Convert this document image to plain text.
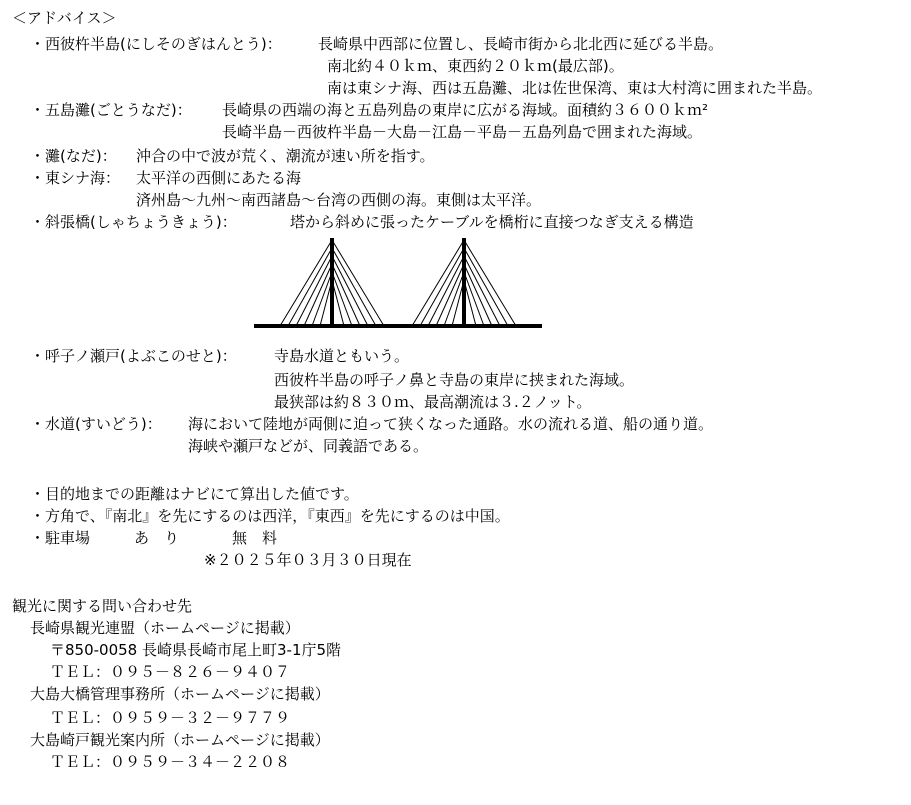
＜アドバイス＞
・西彼杵半島(にしそのぎはんとう)： 長崎県中西部に位置し、長崎市街から北北西に延びる半島。
南北約４０ｋｍ、東西約２０ｋｍ(最広部)。
南は東シナ海、西は五島灘、北は佐世保湾、東は大村湾に囲まれた半島。
・五島灘(ごとうなだ)： 長崎県の西端の海と五島列島の東岸に広がる海域。面積約３６００ｋｍ²
長崎半島－西彼杵半島－大島－江島－平島－五島列島で囲まれた海域。
・灘(なだ)： 沖合の中で波が荒く、潮流が速い所を指す。
・東シナ海： 太平洋の西側にあたる海
済州島～九州～南西諸島～台湾の西側の海。東側は太平洋。
・斜張橋(しゃちょうきょう)：	塔から斜めに張ったケーブルを橋桁に直接つなぎ支える構造
・呼子ノ瀬戸(よぶこのせと)： 寺島水道ともいう。
西彼杵半島の呼子ノ鼻と寺島の東岸に挟まれた海域。
最狭部は約８３０ｍ、最高潮流は３.２ノット。
・水道(すいどう)： 海において陸地が両側に迫って狭くなった通路。水の流れる道、船の通り道。
海峡や瀬戸などが、同義語である。
・目的地までの距離はナビにて算出した値です。
・方角で、『南北』を先にするのは西洋，『東西』を先にするのは中国。
・駐車場	あ　り	無　料
※２０２５年０３月３０日現在
観光に関する問い合わせ先
長崎県観光連盟（ホームページに掲載）
〒850-0058 長崎県長崎市尾上町3-1庁5階
ＴＥＬ：０９５－８２６－９４０７
大島大橋管理事務所（ホームページに掲載）
ＴＥＬ：０９５９－３２－９７７９
大島崎戸観光案内所（ホームページに掲載）
ＴＥＬ：０９５９－３４－２２０８
